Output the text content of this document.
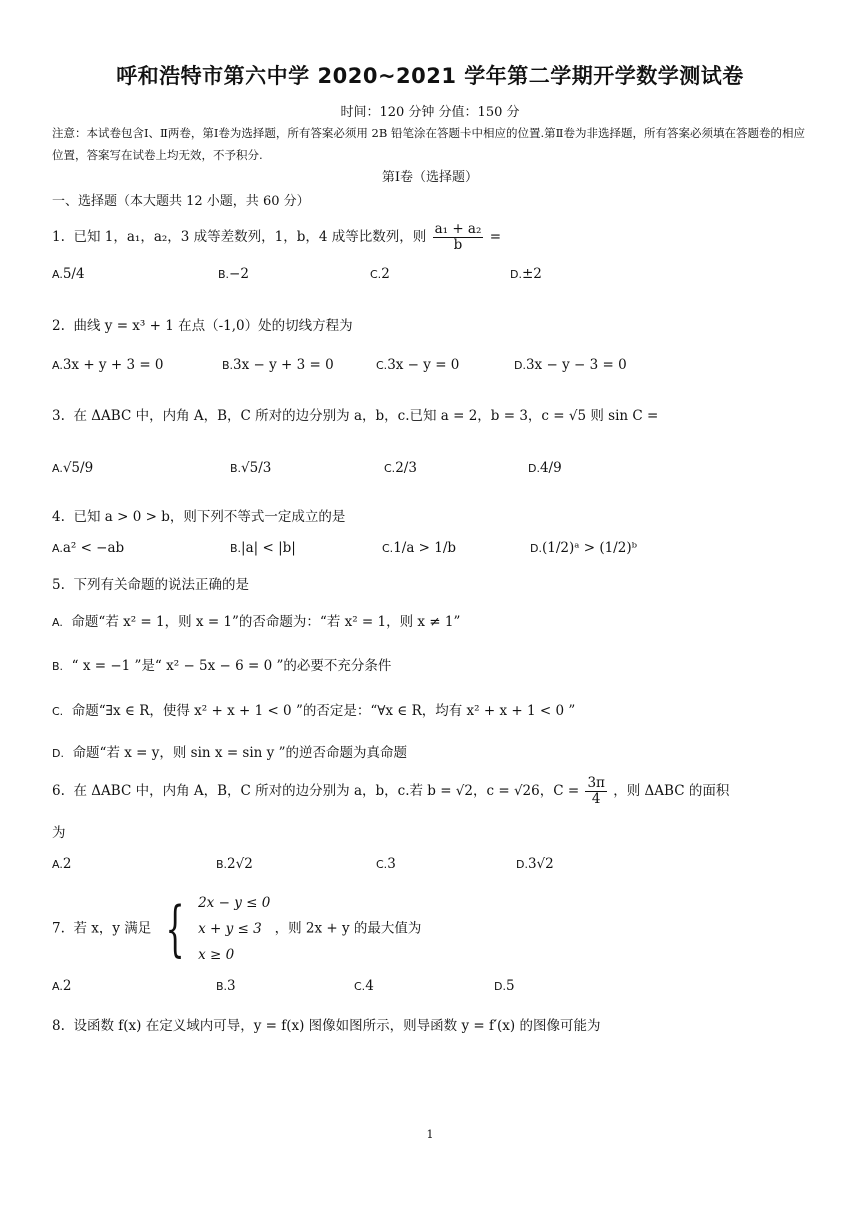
呼和浩特市第六中学 2020~2021 学年第二学期开学数学测试卷
时间：120 分钟 分值：150 分
注意：本试卷包含Ⅰ、Ⅱ两卷，第Ⅰ卷为选择题，所有答案必须用 2B 铅笔涂在答题卡中相应的位置.第Ⅱ卷为非选择题，所有答案必须填在答题卷的相应位置，答案写在试卷上均无效，不予积分.
第Ⅰ卷（选择题）
一、选择题（本大题共 12 小题，共 60 分）
1. 已知 1，a₁，a₂，3 成等差数列，1，b，4 成等比数列，则 $\frac{\text{a₁ + a₂}}{b}$ =
A.5/4	B.−2	C.2	D.±2
2. 曲线 y = x³ + 1 在点（-1,0）处的切线方程为
A.3x + y + 3 = 0	B.3x − y + 3 = 0	C.3x − y = 0	D.3x − y − 3 = 0
3. 在 ΔABC 中，内角 A，B，C 所对的边分别为 a，b，c.已知 a = 2，b = 3，c = √5 则 sin C =
A.√5/9	B.√5/3	C.2/3	D.4/9
4. 已知 a > 0 > b，则下列不等式一定成立的是
A.a² < −ab	B.|a| < |b|	C.1/a > 1/b	D.(1/2)ᵃ > (1/2)ᵇ
5. 下列有关命题的说法正确的是
A. 命题“若 x² = 1，则 x = 1”的否命题为：“若 x² = 1，则 x ≠ 1”
B. “ x = −1 ”是“ x² − 5x − 6 = 0 ”的必要不充分条件
C. 命题“∃x ∈ R，使得 x² + x + 1 < 0 ”的否定是：“∀x ∈ R，均有 x² + x + 1 < 0 ”
D. 命题“若 x = y，则 sin x = sin y ”的逆否命题为真命题
6. 在 ΔABC 中，内角 A，B，C 所对的边分别为 a，b，c.若 b = √2，c = √26，$C = \frac{3\pi}{4}$ ，则 ΔABC 的面积
为
A.2	B.2√2	C.3	D.3√2
7. 若 x，y 满足 { 2x − y ≤ 0
x + y ≤ 3
x ≥ 0
，则 2x + y 的最大值为
A.2	B.3	C.4	D.5
8. 设函数 f(x) 在定义域内可导，y = f(x) 图像如图所示，则导函数 y = f′(x) 的图像可能为
1
